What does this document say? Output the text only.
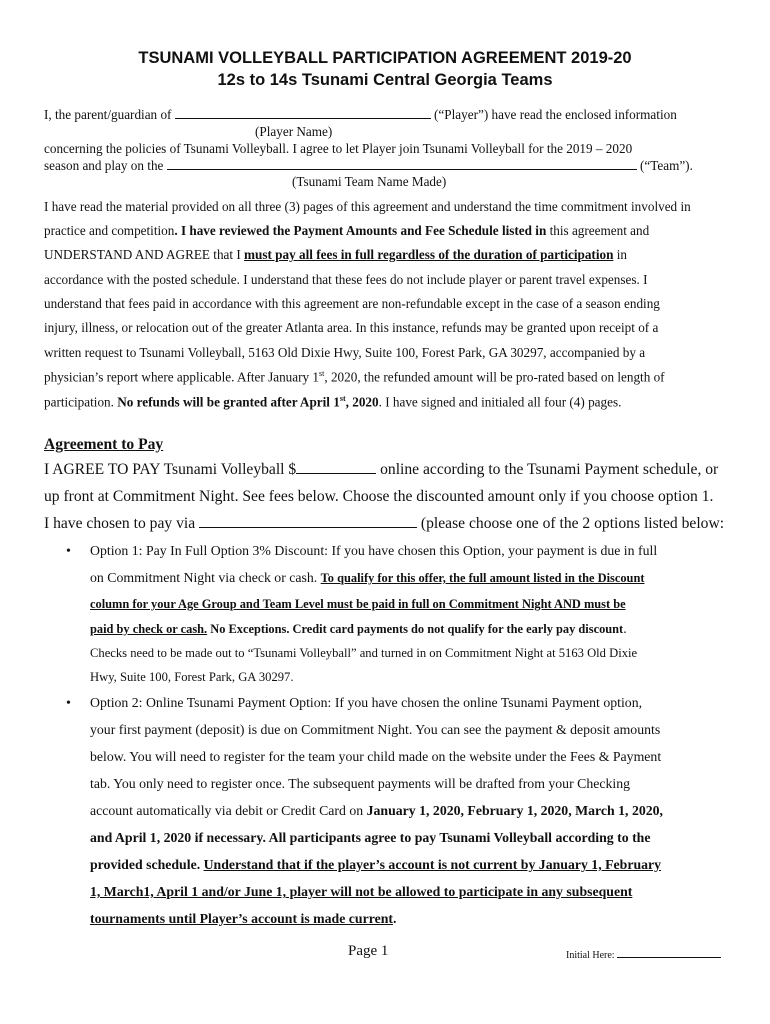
TSUNAMI VOLLEYBALL PARTICIPATION AGREEMENT 2019-20
12s to 14s Tsunami Central Georgia Teams
I, the parent/guardian of	(“Player”) have read the enclosed information
(Player Name)
concerning the policies of Tsunami Volleyball. I agree to let Player join Tsunami Volleyball for the 2019 – 2020
season and play on the	(“Team”).
(Tsunami Team Name Made)
I have read the material provided on all three (3) pages of this agreement and understand the time commitment involved in
practice and competition. I have reviewed the Payment Amounts and Fee Schedule listed in this agreement and
UNDERSTAND AND AGREE that I must pay all fees in full regardless of the duration of participation in
accordance with the posted schedule. I understand that these fees do not include player or parent travel expenses. I
understand that fees paid in accordance with this agreement are non-refundable except in the case of a season ending
injury, illness, or relocation out of the greater Atlanta area. In this instance, refunds may be granted upon receipt of a
written request to Tsunami Volleyball, 5163 Old Dixie Hwy, Suite 100, Forest Park, GA 30297, accompanied by a
physician’s report where applicable. After January 1st, 2020, the refunded amount will be pro-rated based on length of
participation. No refunds will be granted after April 1st, 2020. I have signed and initialed all four (4) pages.
Agreement to Pay
I AGREE TO PAY Tsunami Volleyball $	online according to the Tsunami Payment schedule, or
up front at Commitment Night. See fees below. Choose the discounted amount only if you choose option 1.
I have chosen to pay via	(please choose one of the 2 options listed below:
• Option 1: Pay In Full Option 3% Discount: If you have chosen this Option, your payment is due in full
on Commitment Night via check or cash. To qualify for this offer, the full amount listed in the Discount
column for your Age Group and Team Level must be paid in full on Commitment Night AND must be
paid by check or cash. No Exceptions. Credit card payments do not qualify for the early pay discount.
Checks need to be made out to “Tsunami Volleyball” and turned in on Commitment Night at 5163 Old Dixie
Hwy, Suite 100, Forest Park, GA 30297.
• Option 2: Online Tsunami Payment Option: If you have chosen the online Tsunami Payment option,
your first payment (deposit) is due on Commitment Night. You can see the payment & deposit amounts
below. You will need to register for the team your child made on the website under the Fees & Payment
tab. You only need to register once. The subsequent payments will be drafted from your Checking
account automatically via debit or Credit Card on January 1, 2020, February 1, 2020, March 1, 2020,
and April 1, 2020 if necessary. All participants agree to pay Tsunami Volleyball according to the
provided schedule. Understand that if the player’s account is not current by January 1, February
1, March1, April 1 and/or June 1, player will not be allowed to participate in any subsequent
tournaments until Player’s account is made current.
Page 1	Initial Here:
